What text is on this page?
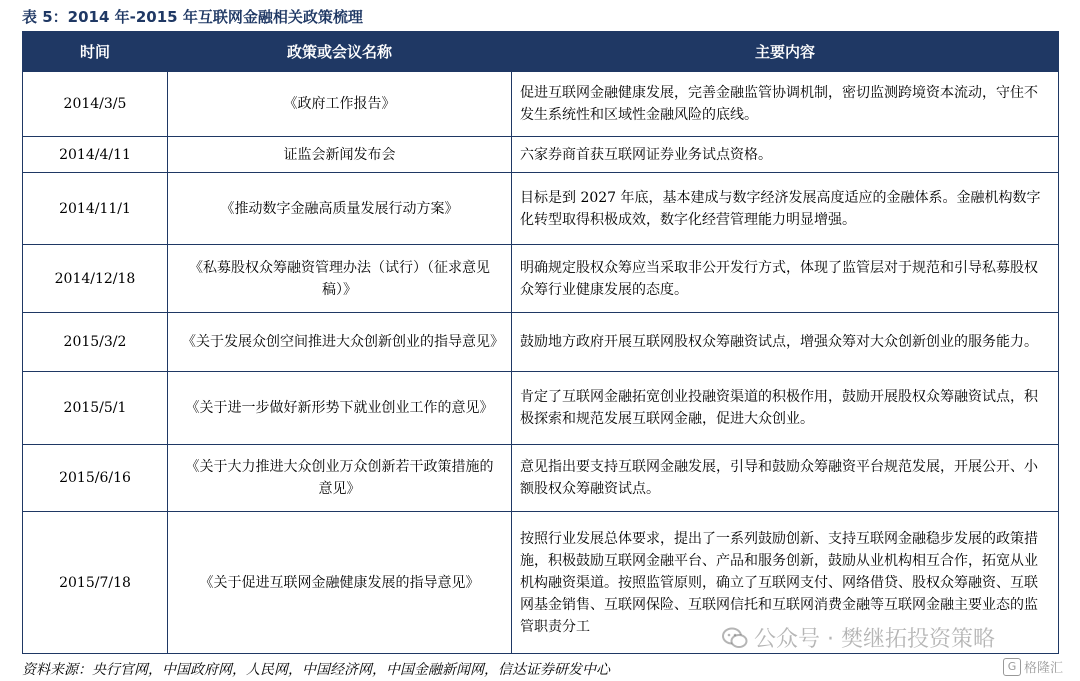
表 5：2014 年-2015 年互联网金融相关政策梳理
时间	政策或会议名称	主要内容
2014/3/5	《政府工作报告》	促进互联网金融健康发展，完善金融监管协调机制，密切监测跨境资本流动，守住不发生系统性和区域性金融风险的底线。
2014/4/11	证监会新闻发布会	六家券商首获互联网证券业务试点资格。
2014/11/1	《推动数字金融高质量发展行动方案》	目标是到 2027 年底，基本建成与数字经济发展高度适应的金融体系。金融机构数字化转型取得积极成效，数字化经营管理能力明显增强。
2014/12/18	《私募股权众筹融资管理办法（试行）（征求意见稿）》	明确规定股权众筹应当采取非公开发行方式，体现了监管层对于规范和引导私募股权众筹行业健康发展的态度。
2015/3/2	《关于发展众创空间推进大众创新创业的指导意见》	鼓励地方政府开展互联网股权众筹融资试点，增强众筹对大众创新创业的服务能力。
2015/5/1	《关于进一步做好新形势下就业创业工作的意见》	肯定了互联网金融拓宽创业投融资渠道的积极作用，鼓励开展股权众筹融资试点，积极探索和规范发展互联网金融，促进大众创业。
2015/6/16	《关于大力推进大众创业万众创新若干政策措施的意见》	意见指出要支持互联网金融发展，引导和鼓励众筹融资平台规范发展，开展公开、小额股权众筹融资试点。
2015/7/18	《关于促进互联网金融健康发展的指导意见》	按照行业发展总体要求，提出了一系列鼓励创新、支持互联网金融稳步发展的政策措施，积极鼓励互联网金融平台、产品和服务创新，鼓励从业机构相互合作，拓宽从业机构融资渠道。按照监管原则，确立了互联网支付、网络借贷、股权众筹融资、互联网基金销售、互联网保险、互联网信托和互联网消费金融等互联网金融主要业态的监管职责分工
资料来源：央行官网，中国政府网，人民网，中国经济网，中国金融新闻网，信达证券研发中心
公众号 · 樊继拓投资策略
G 格隆汇
